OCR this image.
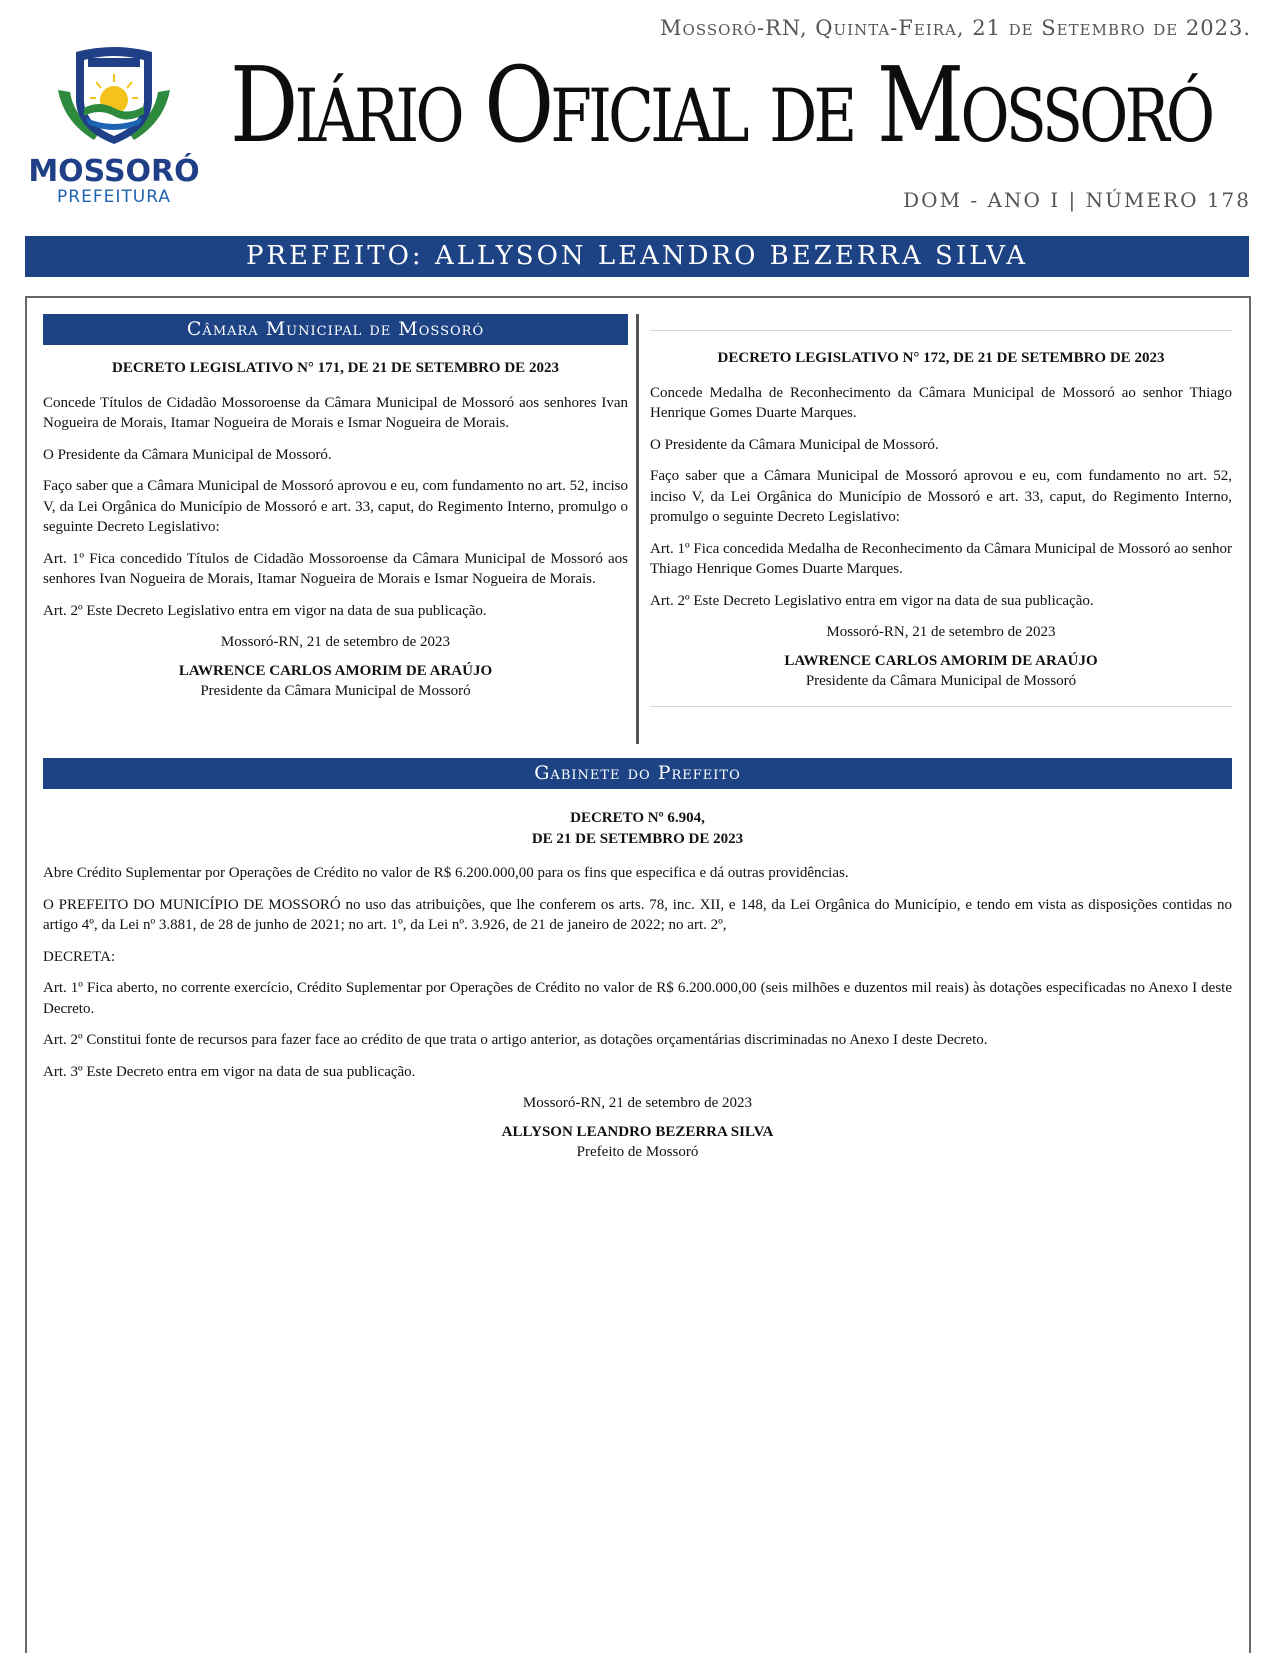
MOSSORÓ
PREFEITURA
Mossoró-RN, Quinta-Feira, 21 de Setembro de 2023.
Diário Oficial de Mossoró
DOM - ANO I | NÚMERO 178
PREFEITO: ALLYSON LEANDRO BEZERRA SILVA
Câmara Municipal de Mossoró
DECRETO LEGISLATIVO N° 171, DE 21 DE SETEMBRO DE 2023

Concede Títulos de Cidadão Mossoroense da Câmara Municipal de Mossoró aos senhores Ivan Nogueira de Morais, Itamar Nogueira de Morais e Ismar Nogueira de Morais.

O Presidente da Câmara Municipal de Mossoró.

Faço saber que a Câmara Municipal de Mossoró aprovou e eu, com fundamento no art. 52, inciso V, da Lei Orgânica do Município de Mossoró e art. 33, caput, do Regimento Interno, promulgo o seguinte Decreto Legislativo:

Art. 1º Fica concedido Títulos de Cidadão Mossoroense da Câmara Municipal de Mossoró aos senhores Ivan Nogueira de Morais, Itamar Nogueira de Morais e Ismar Nogueira de Morais.

Art. 2º Este Decreto Legislativo entra em vigor na data de sua publicação.

Mossoró-RN, 21 de setembro de 2023
LAWRENCE CARLOS AMORIM DE ARAÚJO
Presidente da Câmara Municipal de Mossoró
DECRETO LEGISLATIVO N° 172, DE 21 DE SETEMBRO DE 2023

Concede Medalha de Reconhecimento da Câmara Municipal de Mossoró ao senhor Thiago Henrique Gomes Duarte Marques.

O Presidente da Câmara Municipal de Mossoró.

Faço saber que a Câmara Municipal de Mossoró aprovou e eu, com fundamento no art. 52, inciso V, da Lei Orgânica do Município de Mossoró e art. 33, caput, do Regimento Interno, promulgo o seguinte Decreto Legislativo:

Art. 1º Fica concedida Medalha de Reconhecimento da Câmara Municipal de Mossoró ao senhor Thiago Henrique Gomes Duarte Marques.

Art. 2º Este Decreto Legislativo entra em vigor na data de sua publicação.

Mossoró-RN, 21 de setembro de 2023
LAWRENCE CARLOS AMORIM DE ARAÚJO
Presidente da Câmara Municipal de Mossoró
Gabinete do Prefeito
DECRETO Nº 6.904,
DE 21 DE SETEMBRO DE 2023

Abre Crédito Suplementar por Operações de Crédito no valor de R$ 6.200.000,00 para os fins que especifica e dá outras providências.

O PREFEITO DO MUNICÍPIO DE MOSSORÓ no uso das atribuições, que lhe conferem os arts. 78, inc. XII, e 148, da Lei Orgânica do Município, e tendo em vista as disposições contidas no artigo 4º, da Lei nº 3.881, de 28 de junho de 2021; no art. 1º, da Lei nº. 3.926, de 21 de janeiro de 2022; no art. 2º,

DECRETA:

Art. 1º Fica aberto, no corrente exercício, Crédito Suplementar por Operações de Crédito no valor de R$ 6.200.000,00 (seis milhões e duzentos mil reais) às dotações especificadas no Anexo I deste Decreto.

Art. 2º Constitui fonte de recursos para fazer face ao crédito de que trata o artigo anterior, as dotações orçamentárias discriminadas no Anexo I deste Decreto.

Art. 3º Este Decreto entra em vigor na data de sua publicação.

Mossoró-RN, 21 de setembro de 2023
ALLYSON LEANDRO BEZERRA SILVA
Prefeito de Mossoró
